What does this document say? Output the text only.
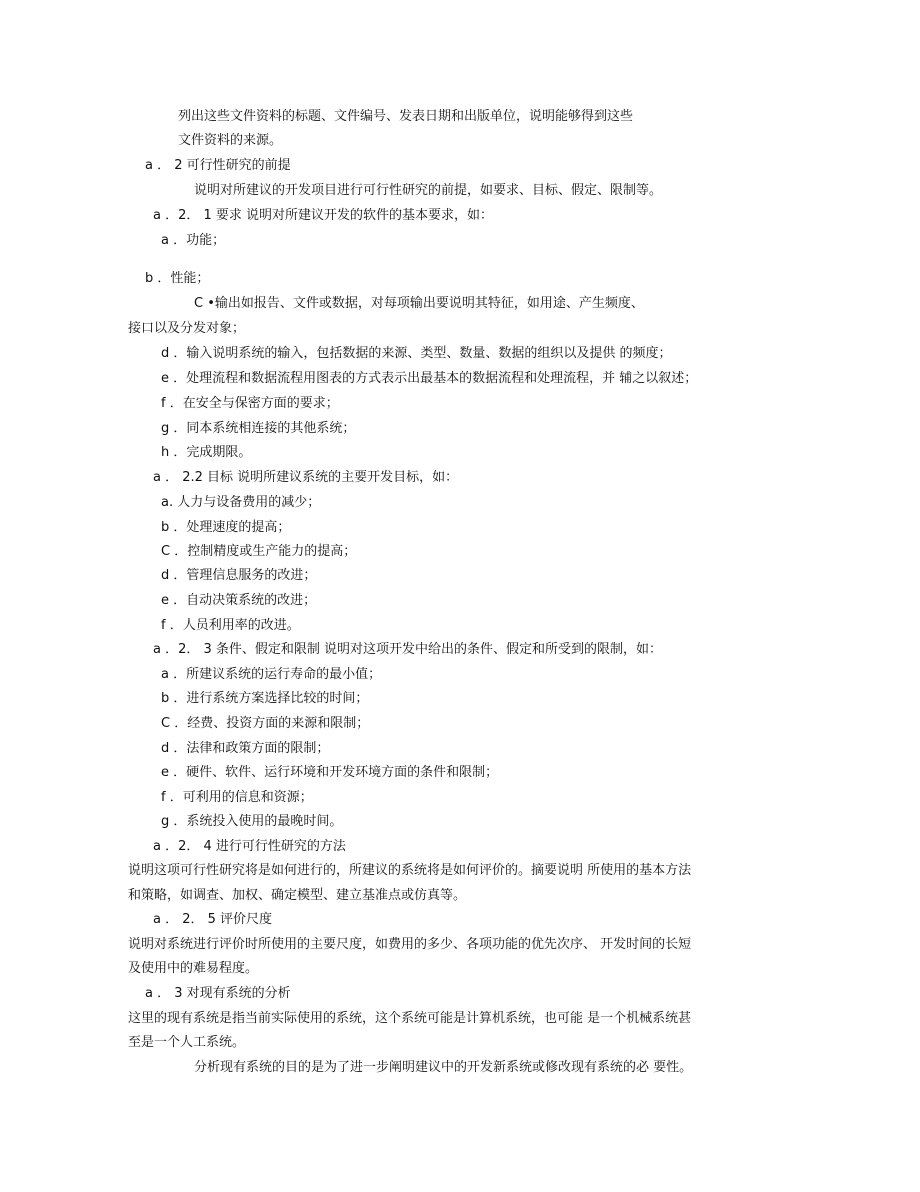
列出这些文件资料的标题、文件编号、发表日期和出版单位，说明能够得到这些
文件资料的来源。
a ． 2 可行性研究的前提
说明对所建议的开发项目进行可行性研究的前提，如要求、目标、假定、限制等。
a ．2． 1 要求 说明对所建议开发的软件的基本要求，如：
a ．功能；
b ．性能；
C •输出如报告、文件或数据，对每项输出要说明其特征，如用途、产生频度、
接口以及分发对象；
d ．输入说明系统的输入，包括数据的来源、类型、数量、数据的组织以及提供 的频度；
e ．处理流程和数据流程用图表的方式表示出最基本的数据流程和处理流程，并 辅之以叙述；
f ．在安全与保密方面的要求；
g ．同本系统相连接的其他系统；
h ．完成期限。
a ． 2.2 目标 说明所建议系统的主要开发目标，如：
a. 人力与设备费用的减少；
b ．处理速度的提高；
C ．控制精度或生产能力的提高；
d ．管理信息服务的改进；
e ．自动决策系统的改进；
f ．人员利用率的改进。
a ．2． 3 条件、假定和限制 说明对这项开发中给出的条件、假定和所受到的限制，如：
a ．所建议系统的运行寿命的最小值；
b ．进行系统方案选择比较的时间；
C ．经费、投资方面的来源和限制；
d ．法律和政策方面的限制；
e ．硬件、软件、运行环境和开发环境方面的条件和限制；
f ．可利用的信息和资源；
g ．系统投入使用的最晚时间。
a ．2． 4 进行可行性研究的方法
说明这项可行性研究将是如何进行的，所建议的系统将是如何评价的。摘要说明 所使用的基本方法
和策略，如调查、加权、确定模型、建立基准点或仿真等。
a ． 2． 5 评价尺度
说明对系统进行评价时所使用的主要尺度，如费用的多少、各项功能的优先次序、 开发时间的长短
及使用中的难易程度。
a ． 3 对现有系统的分析
这里的现有系统是指当前实际使用的系统，这个系统可能是计算机系统，也可能 是一个机械系统甚
至是一个人工系统。
分析现有系统的目的是为了进一步阐明建议中的开发新系统或修改现有系统的必 要性。
